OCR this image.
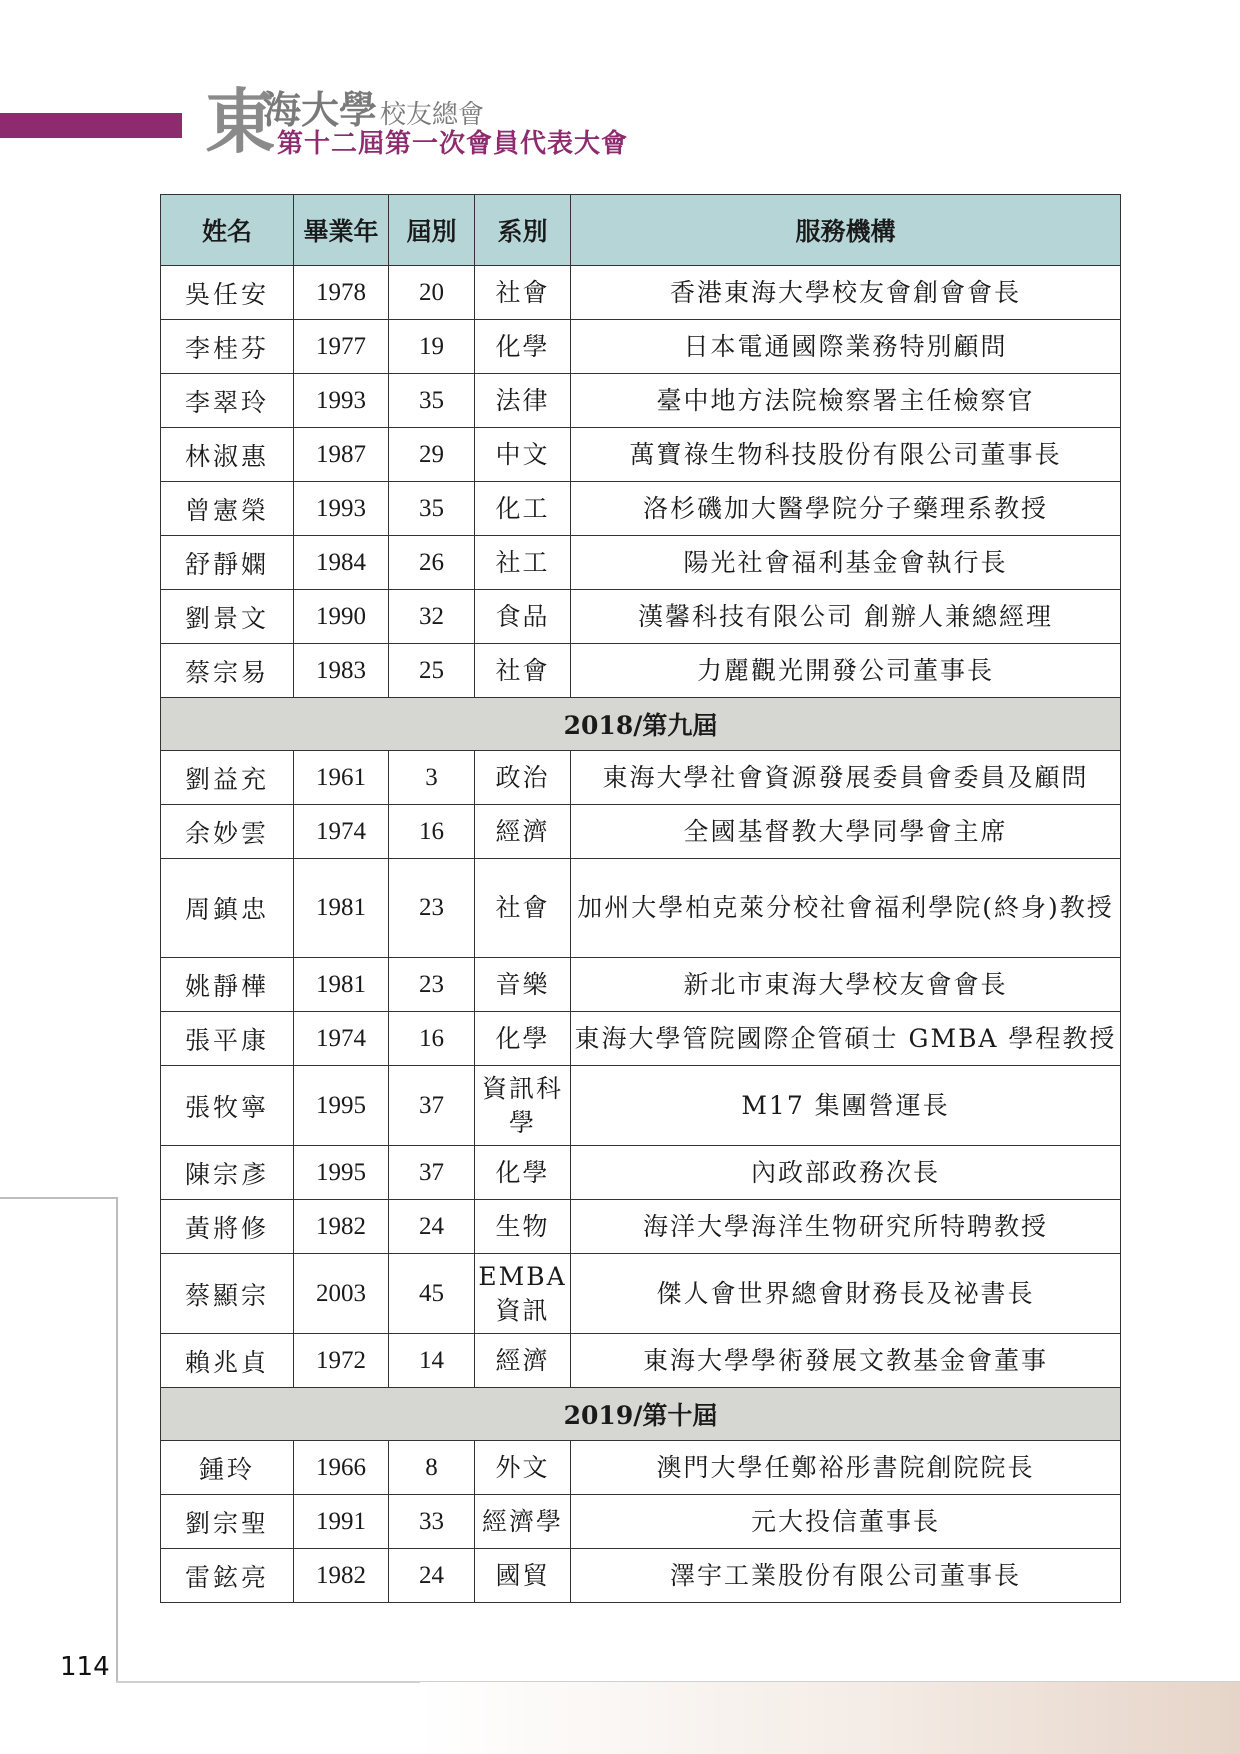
東
海大學 校友總會
第十二屆第一次會員代表大會
姓名	畢業年	屆別	系別	服務機構
吳任安	1978	20	社會	香港東海大學校友會創會會長
李桂芬	1977	19	化學	日本電通國際業務特別顧問
李翠玲	1993	35	法律	臺中地方法院檢察署主任檢察官
林淑惠	1987	29	中文	萬寶祿生物科技股份有限公司董事長
曾憲榮	1993	35	化工	洛杉磯加大醫學院分子藥理系教授
舒靜嫻	1984	26	社工	陽光社會福利基金會執行長
劉景文	1990	32	食品	漢馨科技有限公司 創辦人兼總經理
蔡宗易	1983	25	社會	力麗觀光開發公司董事長
2018/第九屆				
劉益充	1961	3	政治	東海大學社會資源發展委員會委員及顧問
余妙雲	1974	16	經濟	全國基督教大學同學會主席
周鎮忠	1981	23	社會	加州大學柏克萊分校社會福利學院(終身)教授
姚靜樺	1981	23	音樂	新北市東海大學校友會會長
張平康	1974	16	化學	東海大學管院國際企管碩士 GMBA 學程教授
張牧寧	1995	37	資訊科學	M17 集團營運長
陳宗彥	1995	37	化學	內政部政務次長
黃將修	1982	24	生物	海洋大學海洋生物研究所特聘教授
蔡顯宗	2003	45	EMBA 資訊	傑人會世界總會財務長及祕書長
賴兆貞	1972	14	經濟	東海大學學術發展文教基金會董事
2019/第十屆				
鍾玲	1966	8	外文	澳門大學任鄭裕彤書院創院院長
劉宗聖	1991	33	經濟學	元大投信董事長
雷鉉亮	1982	24	國貿	澤宇工業股份有限公司董事長
114
